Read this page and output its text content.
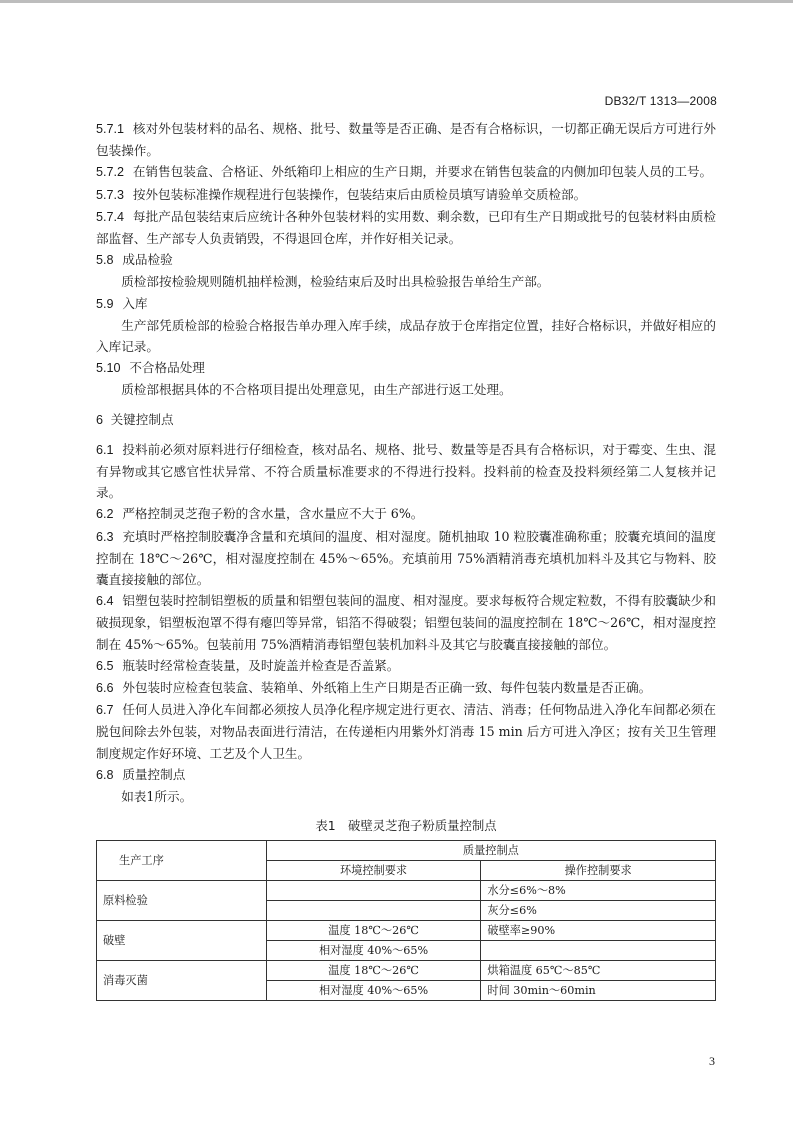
DB32/T 1313—2008

5.7.1 核对外包装材料的品名、规格、批号、数量等是否正确、是否有合格标识，一切都正确无误后方可进行外包装操作。

5.7.2 在销售包装盒、合格证、外纸箱印上相应的生产日期，并要求在销售包装盒的内侧加印包装人员的工号。

5.7.3 按外包装标准操作规程进行包装操作，包装结束后由质检员填写请验单交质检部。

5.7.4 每批产品包装结束后应统计各种外包装材料的实用数、剩余数，已印有生产日期或批号的包装材料由质检部监督、生产部专人负责销毁，不得退回仓库，并作好相关记录。

5.8 成品检验

质检部按检验规则随机抽样检测，检验结束后及时出具检验报告单给生产部。

5.9 入库

生产部凭质检部的检验合格报告单办理入库手续，成品存放于仓库指定位置，挂好合格标识，并做好相应的入库记录。

5.10 不合格品处理

质检部根据具体的不合格项目提出处理意见，由生产部进行返工处理。

6 关键控制点

6.1 投料前必须对原料进行仔细检查，核对品名、规格、批号、数量等是否具有合格标识，对于霉变、生虫、混有异物或其它感官性状异常、不符合质量标准要求的不得进行投料。投料前的检查及投料须经第二人复核并记录。

6.2 严格控制灵芝孢子粉的含水量，含水量应不大于 6%。

6.3 充填时严格控制胶囊净含量和充填间的温度、相对湿度。随机抽取 10 粒胶囊准确称重；胶囊充填间的温度控制在 18℃～26℃，相对湿度控制在 45%～65%。充填前用 75%酒精消毒充填机加料斗及其它与物料、胶囊直接接触的部位。

6.4 铝塑包装时控制铝塑板的质量和铝塑包装间的温度、相对湿度。要求每板符合规定粒数，不得有胶囊缺少和破损现象，铝塑板泡罩不得有瘪凹等异常，铝箔不得破裂；铝塑包装间的温度控制在 18℃～26℃，相对湿度控制在 45%～65%。包装前用 75%酒精消毒铝塑包装机加料斗及其它与胶囊直接接触的部位。

6.5 瓶装时经常检查装量，及时旋盖并检查是否盖紧。

6.6 外包装时应检查包装盒、装箱单、外纸箱上生产日期是否正确一致、每件包装内数量是否正确。

6.7 任何人员进入净化车间都必须按人员净化程序规定进行更衣、清洁、消毒；任何物品进入净化车间都必须在脱包间除去外包装，对物品表面进行清洁，在传递柜内用紫外灯消毒 15 min 后方可进入净区；按有关卫生管理制度规定作好环境、工艺及个人卫生。

6.8 质量控制点

如表1所示。

表1　破壁灵芝孢子粉质量控制点
生产工序	质量控制点	
	环境控制要求	操作控制要求
原料检验		水分≤6%～8%
		灰分≤6%
破壁	温度 18℃～26℃	破壁率≥90%
	相对湿度 40%～65%	
消毒灭菌	温度 18℃～26℃	烘箱温度 65℃～85℃
	相对湿度 40%～65%	时间 30min～60min
3
